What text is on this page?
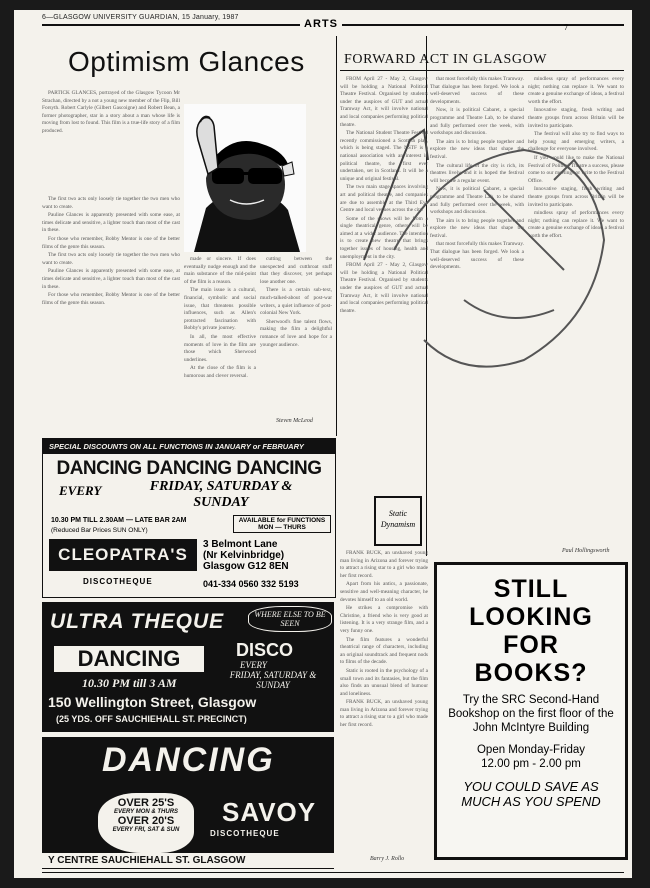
6—GLASGOW UNIVERSITY GUARDIAN, 15 January, 1987
ARTS	7
Optimism Glances

PARTICK GLANCES, portrayed of the Glasgow Tycoon Mr Strachan, directed by a not a young new member of the Flip, Bill Forsyth. Robert Carlyle (Gilbert Gascoigne) and Robert Bean, a former photographer, star in a story about a man whose life is moving from lost to found. This film is a true-life story of a film produced.

The first two acts only loosely tie together the two men who want to create.

Pauline Glances is apparently presented with some ease, at times delicate and sensitive, a lighter touch than most of the cast in these.

For those who remember, Bobby Mentor is one of the better films of the genre this season.

The first two acts only loosely tie together the two men who want to create.

Pauline Glances is apparently presented with some ease, at times delicate and sensitive, a lighter touch than most of the cast in these.

For those who remember, Bobby Mentor is one of the better films of the genre this season.

made or sincere. If does eventually nudge enough and the main substance of the mid-point of the film is a reason.

The main issue is a cultural, financial, symbolic and social issue, that threatens possible influences, such as Allen's protracted fascination with Bobby's private journey.

In all, the most effective moments of love in the film are those which Sherwood underlines.

At the close of the film is a humorous and clever reversal.

cutting between the unexpected and cutthroat stuff that they discover, yet perhaps lose another one.

There is a certain sub-text, much-talked-about of post-war writers, a quiet influence of post-colonial New York.

Sherwood's fine talent flows, making the film a delightful romance of love and hope for a younger audience.

Steven McLeod
FORWARD ACT IN GLASGOW

FROM April 27 - May 2, Glasgow will be holding a National Political Theatre Festival. Organised by students under the auspices of GUT and actual Tramway Act, it will involve national and local companies performing political theatre.

The National Student Theatre Festival recently commissioned a Scottish play, which is being staged. The NSTF is a national association with an interest in political theatre, the first ever undertaken, set in Scotland. It will be a unique and original festival.

The two main stage spaces involving art and political theatre, and companies are due to assemble at the Third Eye Centre and local venues across the city.

Some of the shows will be from a single theatrical genre, others will be aimed at a wider audience. The intention is to create new theatre that brings together issues of housing, health and unemployment in the city.

FROM April 27 - May 2, Glasgow will be holding a National Political Theatre Festival. Organised by students under the auspices of GUT and actual Tramway Act, it will involve national and local companies performing political theatre.

that most forcefully this makes Tramway. That dialogue has been forged. We look a well-deserved success of these developments.

Now, it is political Cabaret, a special programme and Theatre Lab, to be shared and fully performed over the week, with workshops and discussion.

The aim is to bring people together and explore the new ideas that shape the festival.

The cultural life of the city is rich, its theatres lively, and it is hoped the festival will become a regular event.

Now, it is political Cabaret, a special programme and Theatre Lab, to be shared and fully performed over the week, with workshops and discussion.

The aim is to bring people together and explore the new ideas that shape the festival.

that most forcefully this makes Tramway. That dialogue has been forged. We look a well-deserved success of these developments.

mindless spray of performances every night; nothing can replace it. We want to create a genuine exchange of ideas, a festival worth the effort.

Innovative staging, fresh writing and theatre groups from across Britain will be invited to participate.

The festival will also try to find ways to help young and emerging writers, a challenge for everyone involved.

If you would like to make the National Festival of Political Theatre a success, please come to our meetings or write to the Festival Office.

Innovative staging, fresh writing and theatre groups from across Britain will be invited to participate.

mindless spray of performances every night; nothing can replace it. We want to create a genuine exchange of ideas, a festival worth the effort.

Paul Hollingsworth
Static
Dynamism

FRANK BUCK, an unshaved young man living in Arizona and forever trying to attract a rising star to a girl who made her first record.

Apart from his antics, a passionate, sensitive and well-meaning character, he devotes himself to an old world.

He strikes a compromise with Christine, a friend who is very good at listening. It is a very strange film, and a very funny one.

The film features a wonderful theatrical range of characters, including an original soundtrack and frequent nods to films of the decade.

Static is rooted in the psychology of a small town and its fantasies, but the film also finds an unusual blend of humour and loneliness.

FRANK BUCK, an unshaved young man living in Arizona and forever trying to attract a rising star to a girl who made her first record.

Barry J. Rollo
SPECIAL DISCOUNTS ON ALL FUNCTIONS IN JANUARY or FEBRUARY
DANCING DANCING DANCING
EVERY	FRIDAY, SATURDAY & SUNDAY
10.30 PM TILL 2.30AM — LATE BAR 2AM
(Reduced Bar Prices SUN ONLY)
AVAILABLE for FUNCTIONS MON — THURS
CLEOPATRA'S
3 Belmont Lane
(Nr Kelvinbridge)
Glasgow G12 8EN
DISCOTHEQUE	041-334 0560 332 5193
ULTRA THEQUE	WHERE ELSE TO BE SEEN
DISCO
EVERY
FRIDAY, SATURDAY & SUNDAY
DANCING
10.30 PM till 3 AM
150 Wellington Street, Glasgow
(25 YDS. OFF SAUCHIEHALL ST. PRECINCT)
DANCING
OVER 25'S
EVERY MON & THURS
OVER 20'S
EVERY FRI, SAT & SUN
SAVOY
DISCOTHEQUE
Y CENTRE SAUCHIEHALL ST. GLASGOW
STILL
LOOKING
FOR
BOOKS?
Try the SRC Second-Hand Bookshop on the first floor of the John McIntyre Building
Open Monday-Friday
12.00 pm - 2.00 pm
YOU COULD SAVE AS MUCH AS YOU SPEND
